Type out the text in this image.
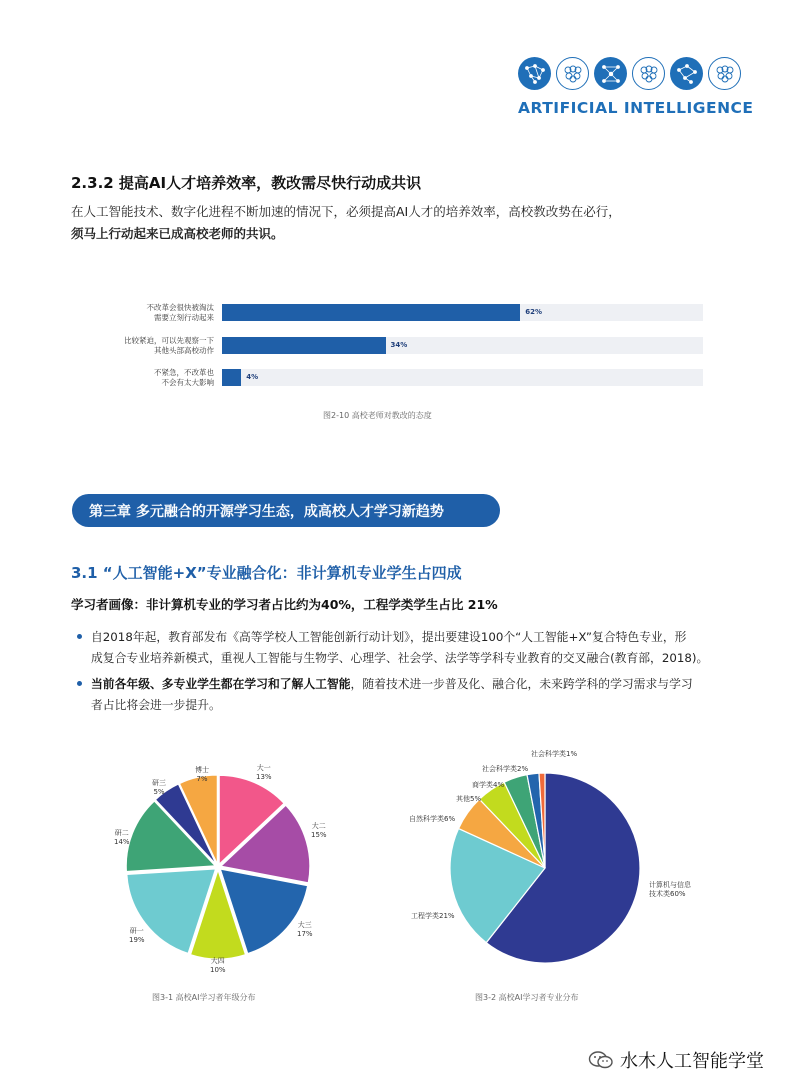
ARTIFICIAL INTELLIGENCE
2.3.2 提高AI人才培养效率，教改需尽快行动成共识
在人工智能技术、数字化进程不断加速的情况下，必须提高AI人才的培养效率，高校教改势在必行，
须马上行动起来已成高校老师的共识。
不改革会很快被淘汰
需要立刻行动起来
62%
比较紧迫，可以先观察一下
其他头部高校动作
34%
不紧急，不改革也
不会有太大影响
4%
图2-10 高校老师对教改的态度
第三章 多元融合的开源学习生态，成高校人才学习新趋势
3.1 “人工智能+X”专业融合化：非计算机专业学生占四成
学习者画像：非计算机专业的学习者占比约为40%，工程学类学生占比 21%
自2018年起，教育部发布《高等学校人工智能创新行动计划》，提出要建设100个“人工智能+X”复合特色专业，形
成复合专业培养新模式，重视人工智能与生物学、心理学、社会学、法学等学科专业教育的交叉融合(教育部，2018)。
当前各年级、多专业学生都在学习和了解人工智能，随着技术进一步普及化、融合化，未来跨学科的学习需求与学习
者占比将会进一步提升。
大一
13%
大二
15%
大三
17%
大四
10%
研一
19%
研二
14%
研三
5%
博士
7%
计算机与信息
技术类60%
工程学类21%
自然科学类6%
其他5%
商学类4%
社会科学类2%
社会科学类1%
图3-1 高校AI学习者年级分布	图3-2 高校AI学习者专业分布
水木人工智能学堂
